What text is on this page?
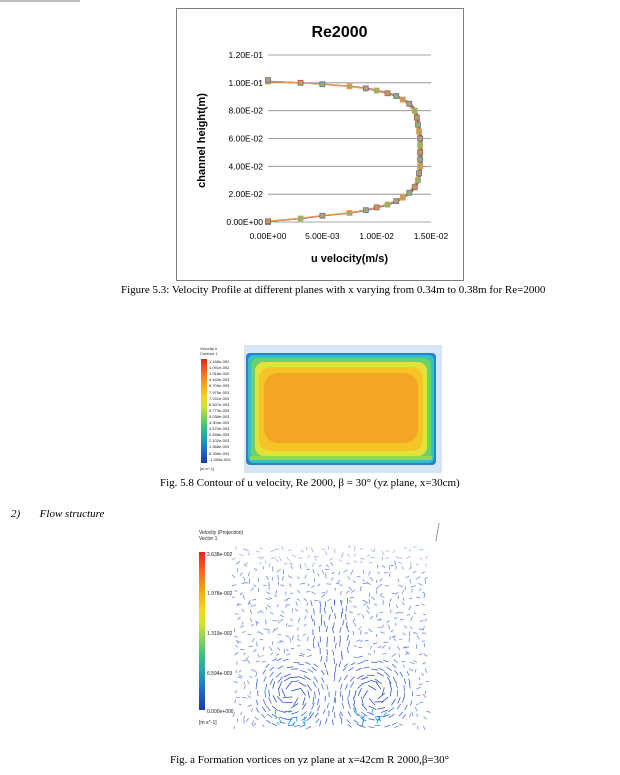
Re2000
0.00E+00
2.00E-02
4.00E-02
6.00E-02
8.00E-02
1.00E-01
1.20E-01
0.00E+00 5.00E-03 1.00E-02 1.50E-02
u velocity(m/s)
channel height(m)
Figure 5.3: Velocity Profile at different planes with x varying from 0.34m to 0.38m for Re=2000
Velocity u
Contour 1
1.168e-002
1.091e-002
1.018e-002
9.443e-003
8.709e-003
7.975e-003
7.241e-003
6.507e-003
5.773e-003
5.038e-003
4.304e-003
3.570e-003
2.836e-003
2.102e-003
1.368e-003
6.336e-004
-1.005e-004
[m s^-1]
Fig. 5.8 Contour of u velocity, Re 2000, β = 30° (yz plane, x=30cm)
2) Flow structure
Velocity (Projection)
Vector 1
2.638e-002
1.978e-002
1.319e-002
6.594e-003
0.000e+000
[m s^-1]
Fig. a Formation vortices on yz plane at x=42cm R 2000,β=30°
